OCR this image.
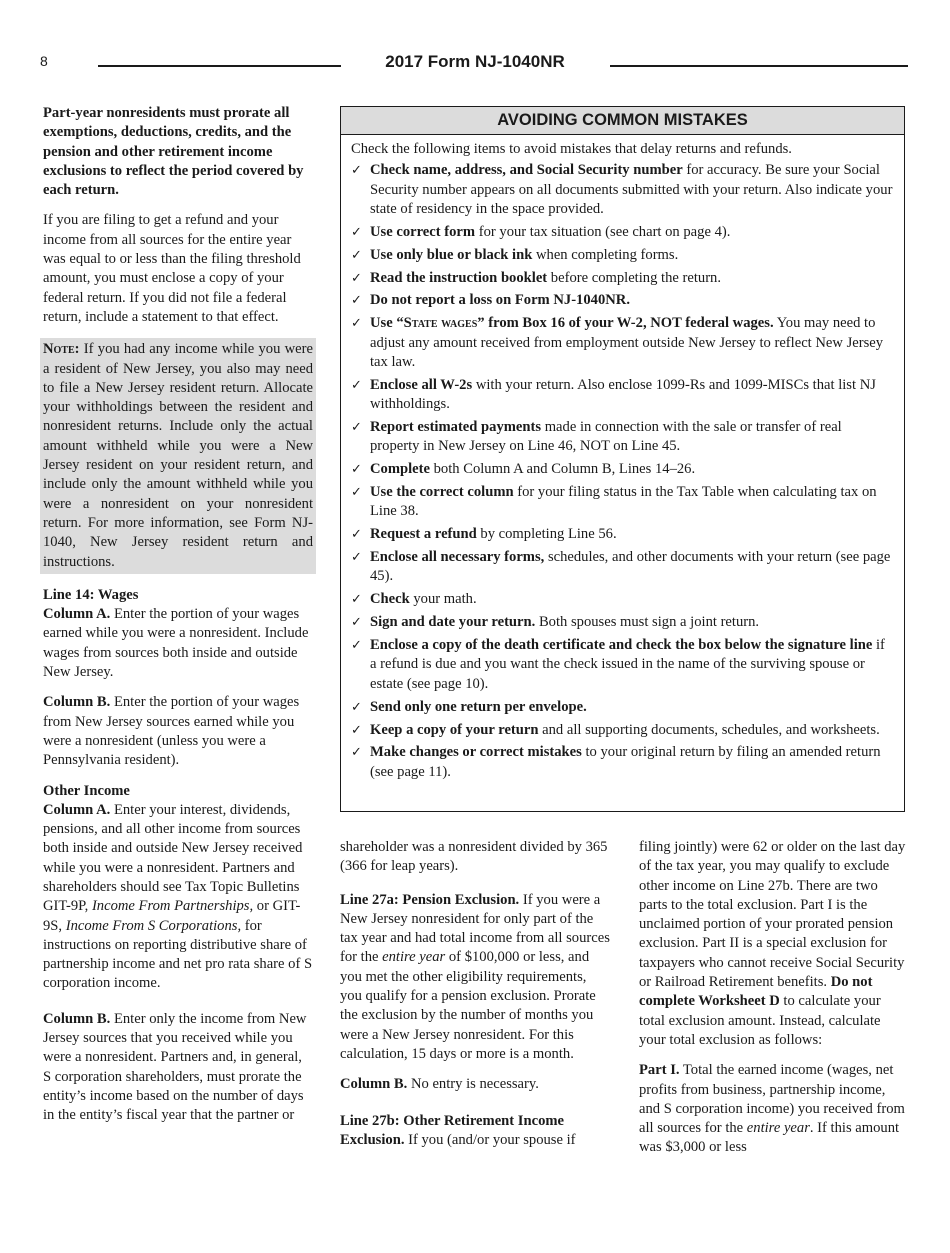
8	2017 Form NJ-1040NR

Part-year nonresidents must prorate all exemptions, deductions, credits, and the pension and other retirement income exclusions to reflect the period covered by each return.

If you are filing to get a refund and your income from all sources for the entire year was equal to or less than the filing threshold amount, you must enclose a copy of your federal return. If you did not file a federal return, include a statement to that effect.

Note: If you had any income while you were a resident of New Jersey, you also may need to file a New Jersey resident return. Allocate your withholdings between the resident and nonresident returns. Include only the actual amount withheld while you were a New Jersey resident on your resident return, and include only the amount withheld while you were a nonresident on your nonresident return. For more information, see Form NJ-1040, New Jersey resident return and instructions.

Line 14: Wages
Column A. Enter the portion of your wages earned while you were a nonresident. Include wages from sources both inside and outside New Jersey.

Column B. Enter the portion of your wages from New Jersey sources earned while you were a nonresident (unless you were a Pennsylvania resident).

Other Income
Column A. Enter your interest, dividends, pensions, and all other income from sources both inside and outside New Jersey received while you were a nonresident. Partners and shareholders should see Tax Topic Bulletins GIT-9P, Income From Partnerships, or GIT-9S, Income From S Corporations, for instructions on reporting distributive share of partnership income and net pro rata share of S corporation income.

Column B. Enter only the income from New Jersey sources that you received while you were a nonresident. Partners and, in general, S corporation shareholders, must prorate the entity’s income based on the number of days in the entity’s fiscal year that the partner or

AVOIDING COMMON MISTAKES
Check the following items to avoid mistakes that delay returns and refunds.
✓ Check name, address, and Social Security number for accuracy. Be sure your Social Security number appears on all documents submitted with your return. Also indicate your state of residency in the space provided.
✓ Use correct form for your tax situation (see chart on page 4).
✓ Use only blue or black ink when completing forms.
✓ Read the instruction booklet before completing the return.
✓ Do not report a loss on Form NJ-1040NR.
✓ Use “State wages” from Box 16 of your W-2, NOT federal wages. You may need to adjust any amount received from employment outside New Jersey to reflect New Jersey tax law.
✓ Enclose all W-2s with your return. Also enclose 1099-Rs and 1099-MISCs that list NJ withholdings.
✓ Report estimated payments made in connection with the sale or transfer of real property in New Jersey on Line 46, NOT on Line 45.
✓ Complete both Column A and Column B, Lines 14–26.
✓ Use the correct column for your filing status in the Tax Table when calculating tax on Line 38.
✓ Request a refund by completing Line 56.
✓ Enclose all necessary forms, schedules, and other documents with your return (see page 45).
✓ Check your math.
✓ Sign and date your return. Both spouses must sign a joint return.
✓ Enclose a copy of the death certificate and check the box below the signature line if a refund is due and you want the check issued in the name of the surviving spouse or estate (see page 10).
✓ Send only one return per envelope.
✓ Keep a copy of your return and all supporting documents, schedules, and worksheets.
✓ Make changes or correct mistakes to your original return by filing an amended return (see page 11).

shareholder was a nonresident divided by 365 (366 for leap years).

Line 27a: Pension Exclusion. If you were a New Jersey nonresident for only part of the tax year and had total income from all sources for the entire year of $100,000 or less, and you met the other eligibility requirements, you qualify for a pension exclusion. Prorate the exclusion by the number of months you were a New Jersey nonresident. For this calculation, 15 days or more is a month.

Column B. No entry is necessary.

Line 27b: Other Retirement Income Exclusion. If you (and/or your spouse if

filing jointly) were 62 or older on the last day of the tax year, you may qualify to exclude other income on Line 27b. There are two parts to the total exclusion. Part I is the unclaimed portion of your prorated pension exclusion. Part II is a special exclusion for taxpayers who cannot receive Social Security or Railroad Retirement benefits. Do not complete Worksheet D to calculate your total exclusion amount. Instead, calculate your total exclusion as follows:

Part I. Total the earned income (wages, net profits from business, partnership income, and S corporation income) you received from all sources for the entire year. If this amount was $3,000 or less
